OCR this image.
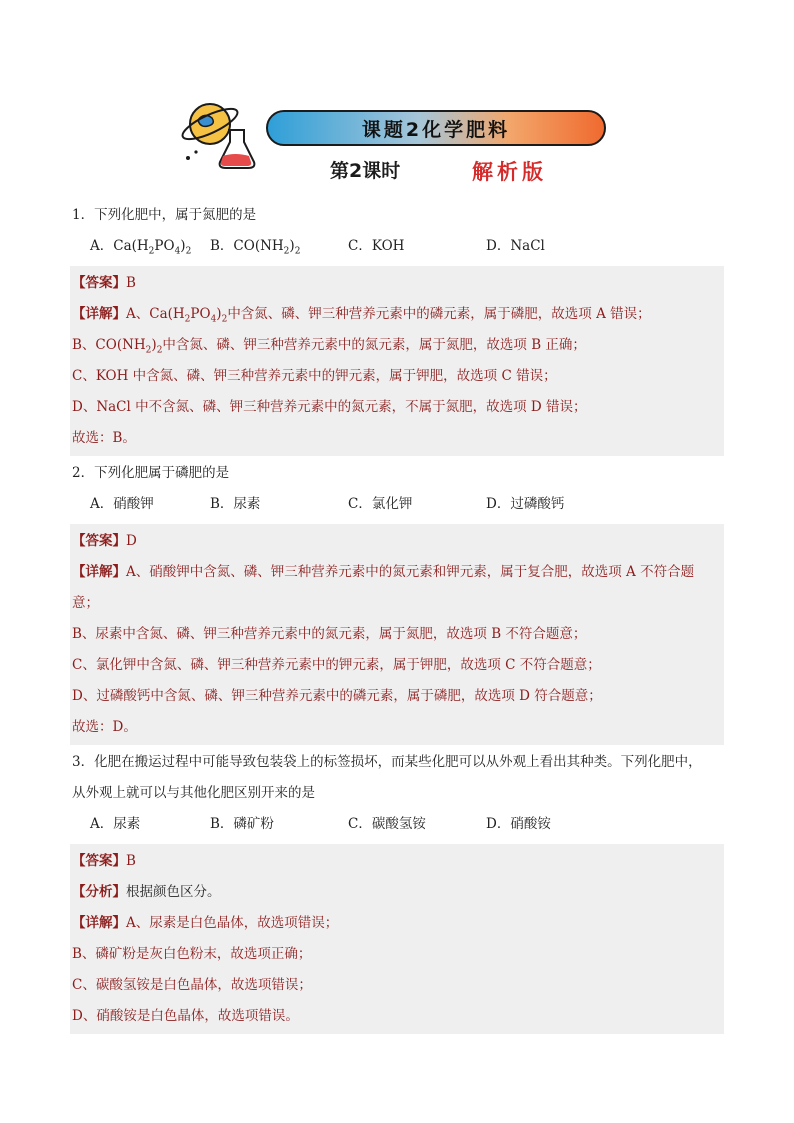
课题2化学肥料
第2课时	解析版
1．下列化肥中，属于氮肥的是
A．$Ca(H_2PO_4)_2$	B．$CO(NH_2)_2$	C．KOH	D．NaCl
【答案】B
【详解】A、$Ca(H_2PO_4)_2$中含氮、磷、钾三种营养元素中的磷元素，属于磷肥，故选项 A 错误；
B、$CO(NH_2)_2$中含氮、磷、钾三种营养元素中的氮元素，属于氮肥，故选项 B 正确；
C、KOH 中含氮、磷、钾三种营养元素中的钾元素，属于钾肥，故选项 C 错误；
D、NaCl 中不含氮、磷、钾三种营养元素中的氮元素，不属于氮肥，故选项 D 错误；
故选：B。
2．下列化肥属于磷肥的是
A．硝酸钾	B．尿素	C．氯化钾	D．过磷酸钙
【答案】D
【详解】A、硝酸钾中含氮、磷、钾三种营养元素中的氮元素和钾元素，属于复合肥，故选项 A 不符合题
意；
B、尿素中含氮、磷、钾三种营养元素中的氮元素，属于氮肥，故选项 B 不符合题意；
C、氯化钾中含氮、磷、钾三种营养元素中的钾元素，属于钾肥，故选项 C 不符合题意；
D、过磷酸钙中含氮、磷、钾三种营养元素中的磷元素，属于磷肥，故选项 D 符合题意；
故选：D。
3．化肥在搬运过程中可能导致包装袋上的标签损坏，而某些化肥可以从外观上看出其种类。下列化肥中，
从外观上就可以与其他化肥区别开来的是
A．尿素	B．磷矿粉	C．碳酸氢铵	D．硝酸铵
【答案】B
【分析】根据颜色区分。
【详解】A、尿素是白色晶体，故选项错误；
B、磷矿粉是灰白色粉末，故选项正确；
C、碳酸氢铵是白色晶体，故选项错误；
D、硝酸铵是白色晶体，故选项错误。
